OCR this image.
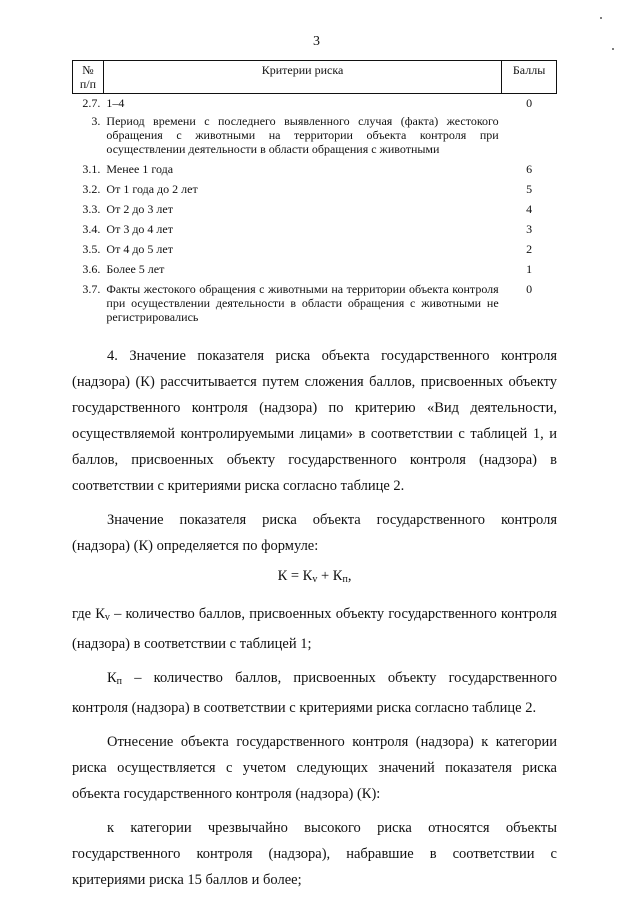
3
№ п/п	Критерии риска	Баллы
2.7.	1–4	0
3.	Период времени с последнего выявленного случая (факта) жестокого обращения с животными на территории объекта контроля при осуществлении деятельности в области обращения с животными	
3.1.	Менее 1 года	6
3.2.	От 1 года до 2 лет	5
3.3.	От 2 до 3 лет	4
3.4.	От 3 до 4 лет	3
3.5.	От 4 до 5 лет	2
3.6.	Более 5 лет	1
3.7.	Факты жестокого обращения с животными на территории объекта контроля при осуществлении деятельности в области обращения с животными не регистрировались	0

4. Значение показателя риска объекта государственного контроля (надзора) (К) рассчитывается путем сложения баллов, присвоенных объекту государственного контроля (надзора) по критерию «Вид деятельности, осуществляемой контролируемыми лицами» в соответствии с таблицей 1, и баллов, присвоенных объекту государственного контроля (надзора) в соответствии с критериями риска согласно таблице 2.

Значение показателя риска объекта государственного контроля (надзора) (К) определяется по формуле:

$К = К_v + К_п$,

где $К_v$ – количество баллов, присвоенных объекту государственного контроля (надзора) в соответствии с таблицей 1;

$К_п$ – количество баллов, присвоенных объекту государственного контроля (надзора) в соответствии с критериями риска согласно таблице 2.

Отнесение объекта государственного контроля (надзора) к категории риска осуществляется с учетом следующих значений показателя риска объекта государственного контроля (надзора) (К):

к категории чрезвычайно высокого риска относятся объекты государственного контроля (надзора), набравшие в соответствии с критериями риска 15 баллов и более;
